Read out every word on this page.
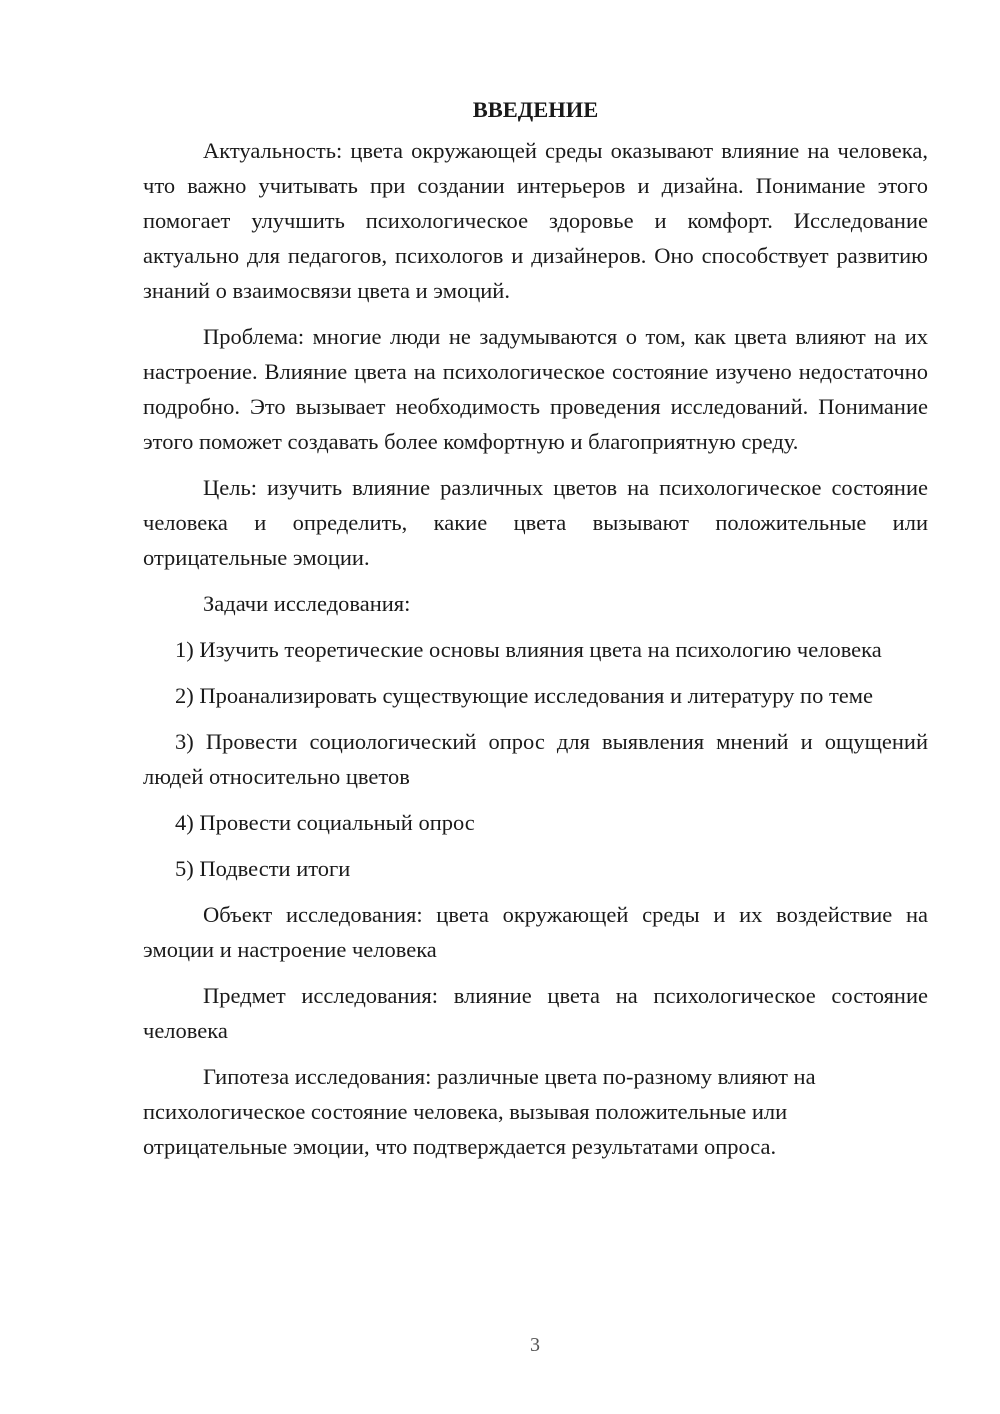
ВВЕДЕНИЕ

Актуальность: цвета окружающей среды оказывают влияние на человека, что важно учитывать при создании интерьеров и дизайна. Понимание этого помогает улучшить психологическое здоровье и комфорт. Исследование актуально для педагогов, психологов и дизайнеров. Оно способствует развитию знаний о взаимосвязи цвета и эмоций.

Проблема: многие люди не задумываются о том, как цвета влияют на их настроение. Влияние цвета на психологическое состояние изучено недостаточно подробно. Это вызывает необходимость проведения исследований. Понимание этого поможет создавать более комфортную и благоприятную среду.

Цель: изучить влияние различных цветов на психологическое состояние человека и определить, какие цвета вызывают положительные или отрицательные эмоции.

Задачи исследования:

1) Изучить теоретические основы влияния цвета на психологию человека

2) Проанализировать существующие исследования и литературу по теме

3) Провести социологический опрос для выявления мнений и ощущений людей относительно цветов

4) Провести социальный опрос

5) Подвести итоги

Объект исследования: цвета окружающей среды и их воздействие на эмоции и настроение человека

Предмет исследования: влияние цвета на психологическое состояние человека

Гипотеза исследования: различные цвета по-разному влияют на психологическое состояние человека, вызывая положительные или отрицательные эмоции, что подтверждается результатами опроса.

3
